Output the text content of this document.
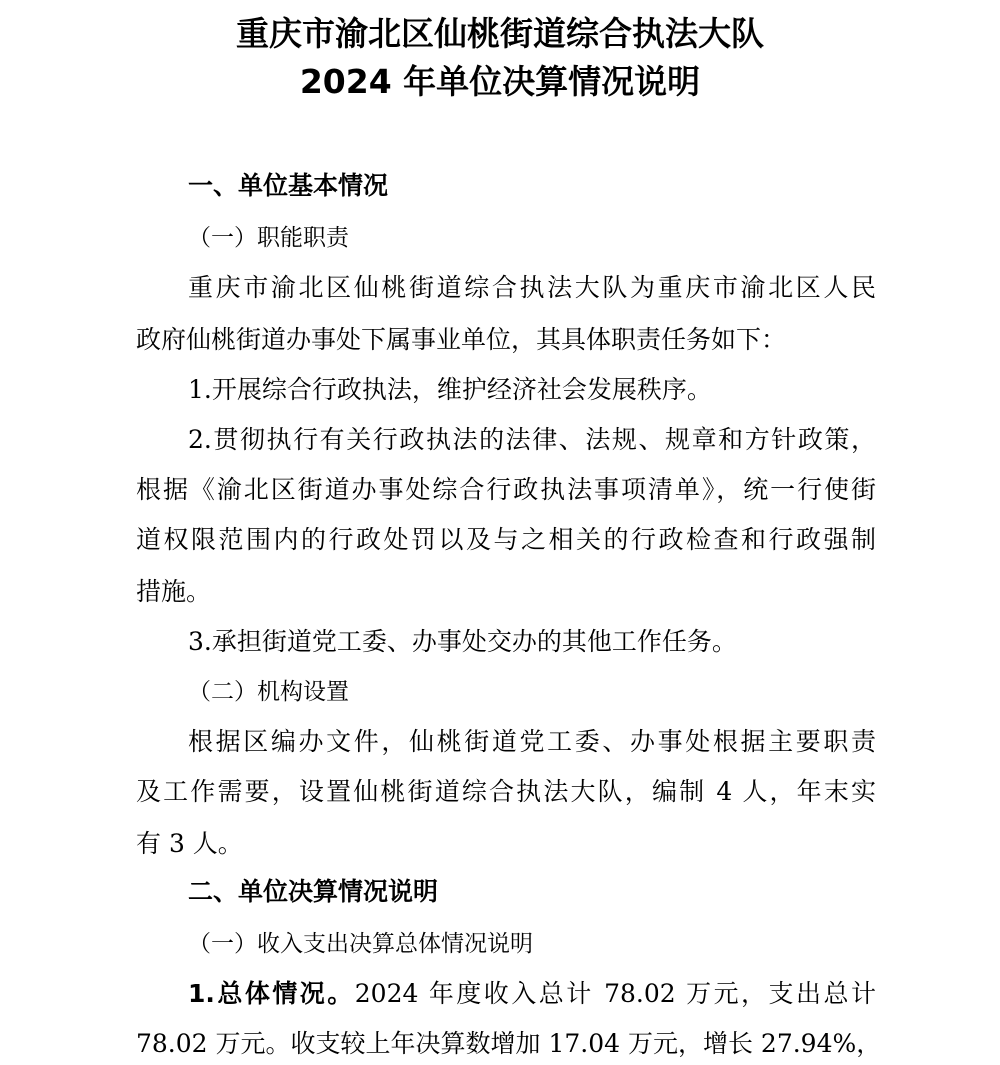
重庆市渝北区仙桃街道综合执法大队
2024 年单位决算情况说明
一、单位基本情况
（一）职能职责
重庆市渝北区仙桃街道综合执法大队为重庆市渝北区人民
政府仙桃街道办事处下属事业单位，其具体职责任务如下：
1.开展综合行政执法，维护经济社会发展秩序。
2.贯彻执行有关行政执法的法律、法规、规章和方针政策，
根据《渝北区街道办事处综合行政执法事项清单》，统一行使街
道权限范围内的行政处罚以及与之相关的行政检查和行政强制
措施。
3.承担街道党工委、办事处交办的其他工作任务。
（二）机构设置
根据区编办文件，仙桃街道党工委、办事处根据主要职责
及工作需要，设置仙桃街道综合执法大队，编制 4 人，年末实
有 3 人。
二、单位决算情况说明
（一）收入支出决算总体情况说明
1.总体情况。2024 年度收入总计 78.02 万元，支出总计
78.02 万元。收支较上年决算数增加 17.04 万元，增长 27.94%，
